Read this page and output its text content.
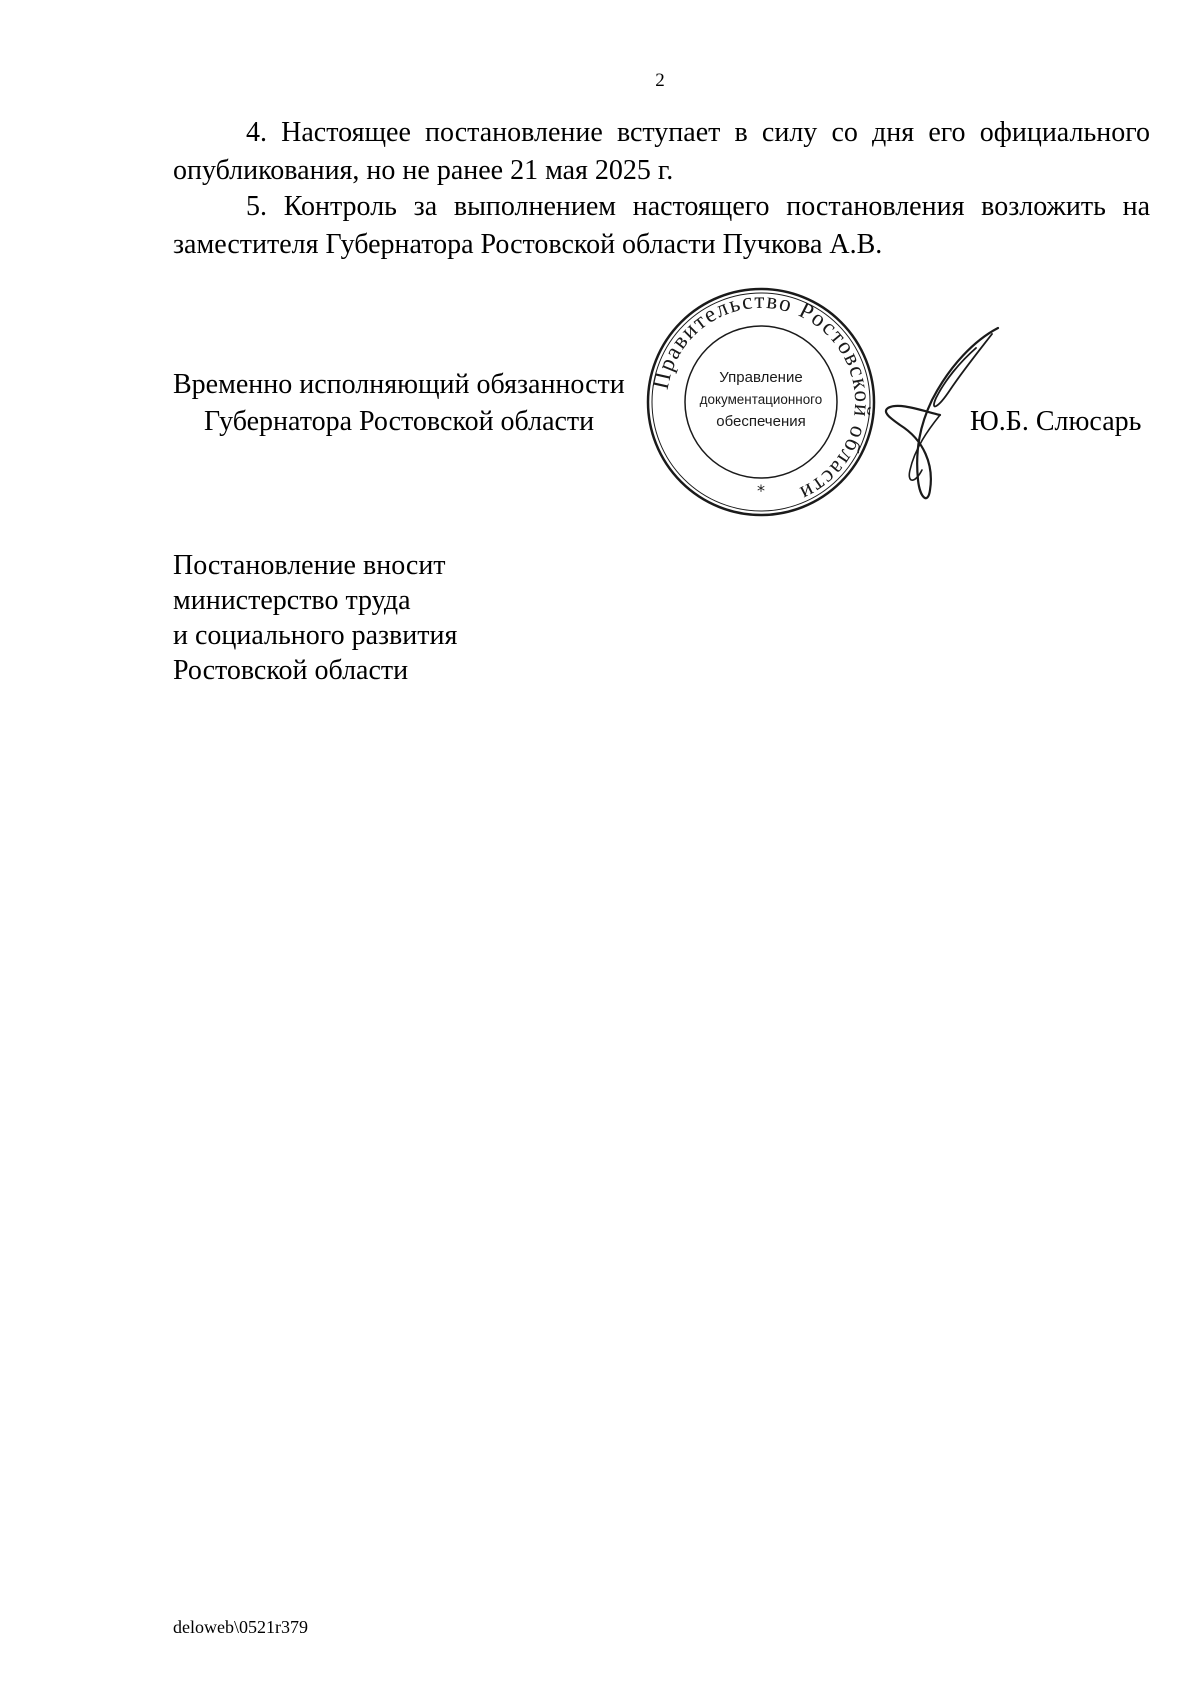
2

4. Настоящее постановление вступает в силу со дня его официального опубликования, но не ранее 21 мая 2025 г.

5. Контроль за выполнением настоящего постановления возложить на заместителя Губернатора Ростовской области Пучкова А.В.

Временно исполняющий обязанности
Губернатора Ростовской области
Правительство Ростовской области
Управление
документационного
обеспечения
*
Ю.Б. Слюсарь
Постановление вносит
министерство труда
и социального развития
Ростовской области
deloweb\0521r379
